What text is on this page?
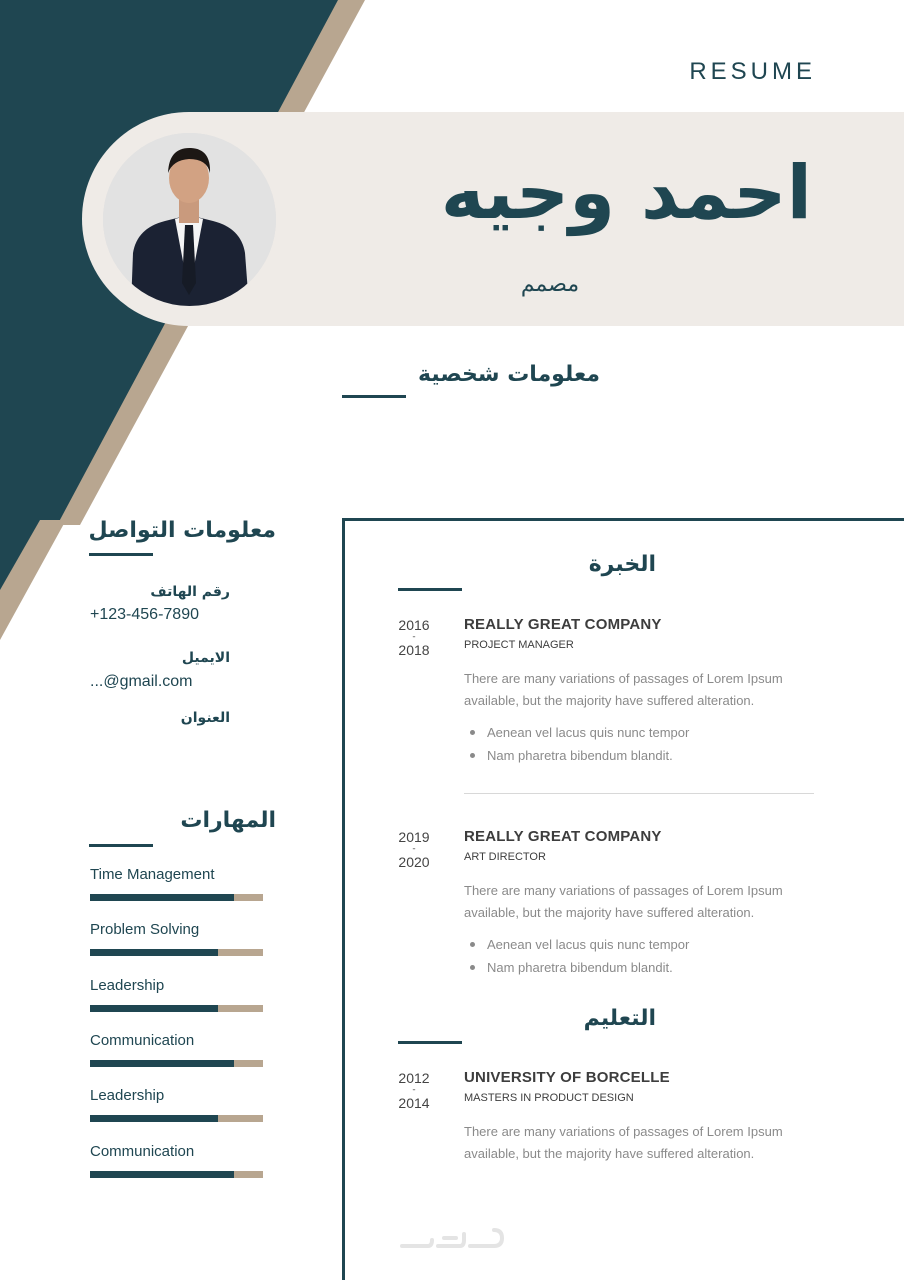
RESUME
احمد وجيه
مصمم
معلومات شخصية
معلومات التواصل
رقم الهاتف
+123-456-7890
الايميل
...@gmail.com
العنوان
المهارات
الخبرة
2016
-
2018
REALLY GREAT COMPANY
PROJECT MANAGER
There are many variations of passages of Lorem Ipsum available, but the majority have suffered alteration.
Aenean vel lacus quis nunc tempor
Nam pharetra bibendum blandit.
2019
-
2020
REALLY GREAT COMPANY
ART DIRECTOR
There are many variations of passages of Lorem Ipsum available, but the majority have suffered alteration.
Aenean vel lacus quis nunc tempor
Nam pharetra bibendum blandit.
التعليم
2012
-
2014
UNIVERSITY OF BORCELLE
MASTERS IN PRODUCT DESIGN
There are many variations of passages of Lorem Ipsum available, but the majority have suffered alteration.
Time Management
Problem Solving
Leadership
Communication
Leadership
Communication
